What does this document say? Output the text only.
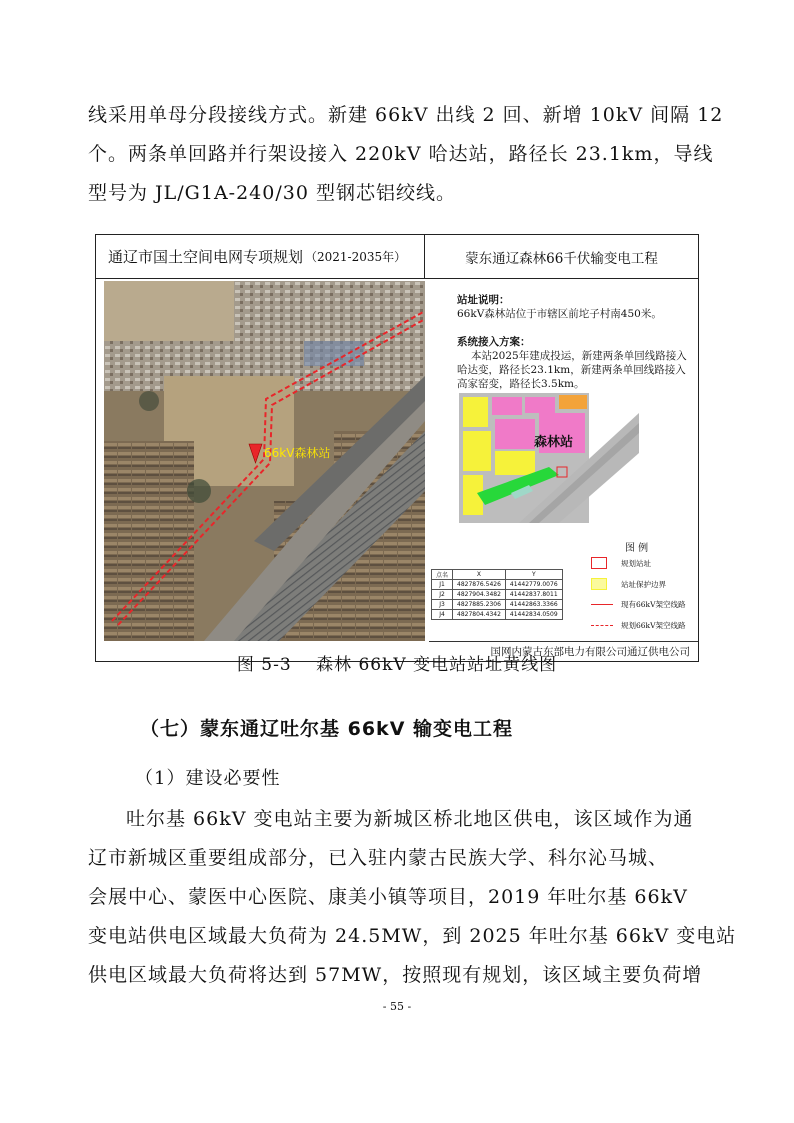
线采用单母分段接线方式。新建 66kV 出线 2 回、新增 10kV 间隔 12
个。两条单回路并行架设接入 220kV 哈达站，路径长 23.1km，导线
型号为 JL/G1A-240/30 型钢芯铝绞线。
通辽市国土空间电网专项规划 （2021-2035年）	蒙东通辽森林66千伏输变电工程
66kV森林站
站址说明：
66kV森林站位于市辖区前坨子村南450米。
系统接入方案：
本站2025年建成投运，新建两条单回线路接入
哈达变，路径长23.1km，新建两条单回线路接入
高家窑变，路径长3.5km。
森林站
图 例
规划站址
站址保护边界
现有66kV架空线路
规划66kV架空线路
点名	X	Y
J1	4827876.5426	41442779.0076
J2	4827904.3482	41442837.8011
J3	4827885.2306	41442863.3366
J4	4827804.4342	41442834.0509
国网内蒙古东部电力有限公司通辽供电公司
图 5-3　 森林 66kV 变电站站址黄线图
（七）蒙东通辽吐尔基 66kV 输变电工程
（1）建设必要性
吐尔基 66kV 变电站主要为新城区桥北地区供电，该区域作为通
辽市新城区重要组成部分，已入驻内蒙古民族大学、科尔沁马城、
会展中心、蒙医中心医院、康美小镇等项目，2019 年吐尔基 66kV
变电站供电区域最大负荷为 24.5MW，到 2025 年吐尔基 66kV 变电站
供电区域最大负荷将达到 57MW，按照现有规划，该区域主要负荷增
- 55 -
